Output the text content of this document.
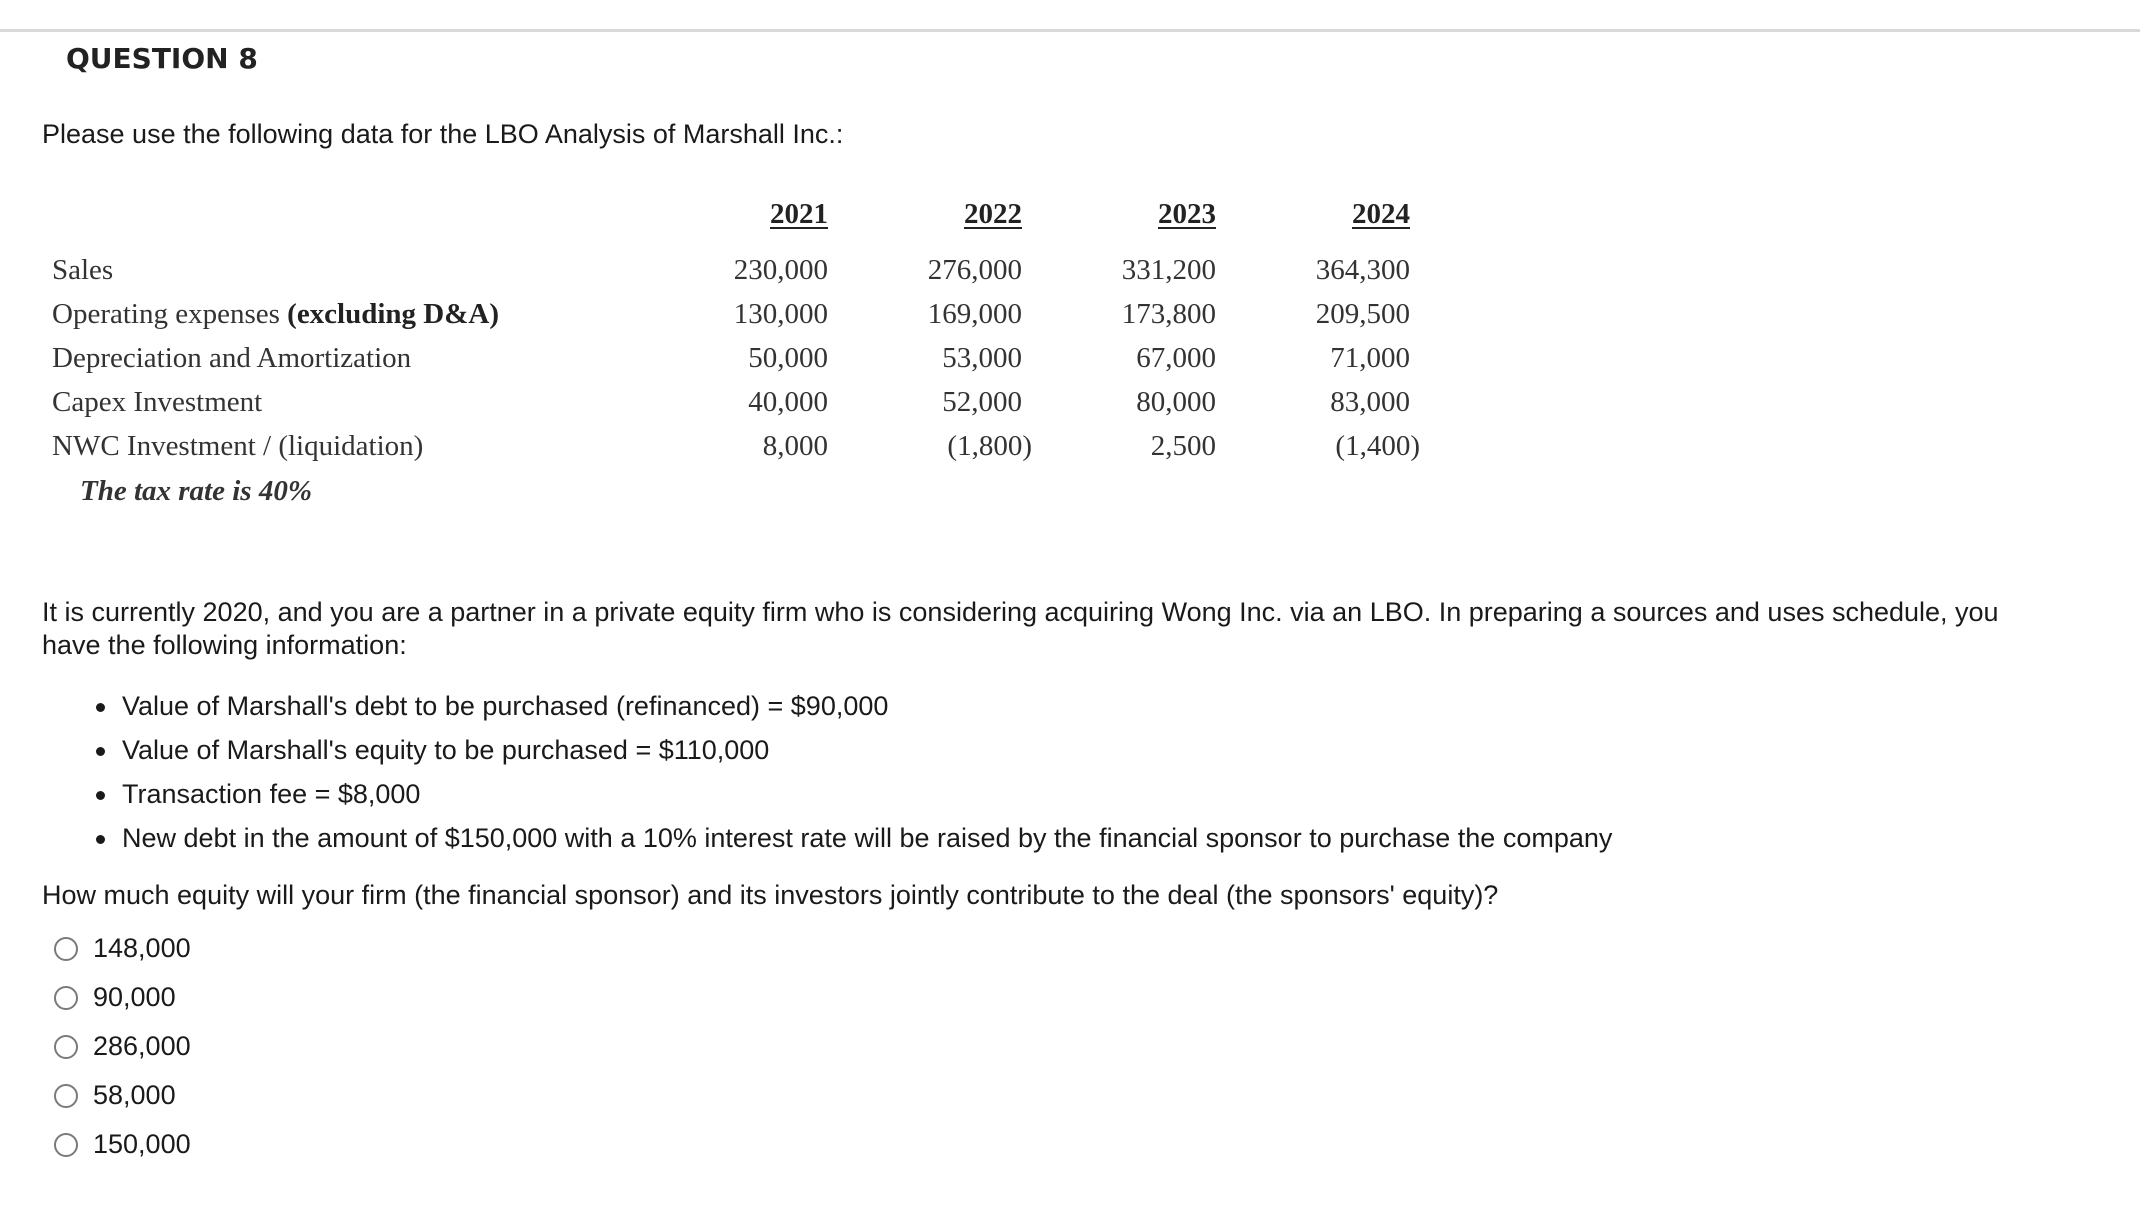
QUESTION 8
Please use the following data for the LBO Analysis of Marshall Inc.:
2021	2022	2023	2024
Sales	230,000	276,000	331,200	364,300
Operating expenses (excluding D&A)	130,000	169,000	173,800	209,500
Depreciation and Amortization	50,000	53,000	67,000	71,000
Capex Investment	40,000	52,000	80,000	83,000
NWC Investment / (liquidation)	8,000	(1,800)	2,500	(1,400)
The tax rate is 40%
It is currently 2020, and you are a partner in a private equity firm who is considering acquiring Wong Inc. via an LBO. In preparing a sources and uses schedule, you have the following information:
Value of Marshall's debt to be purchased (refinanced) = $90,000
Value of Marshall's equity to be purchased = $110,000
Transaction fee = $8,000
New debt in the amount of $150,000 with a 10% interest rate will be raised by the financial sponsor to purchase the company
How much equity will your firm (the financial sponsor) and its investors jointly contribute to the deal (the sponsors' equity)?
148,000
90,000
286,000
58,000
150,000
